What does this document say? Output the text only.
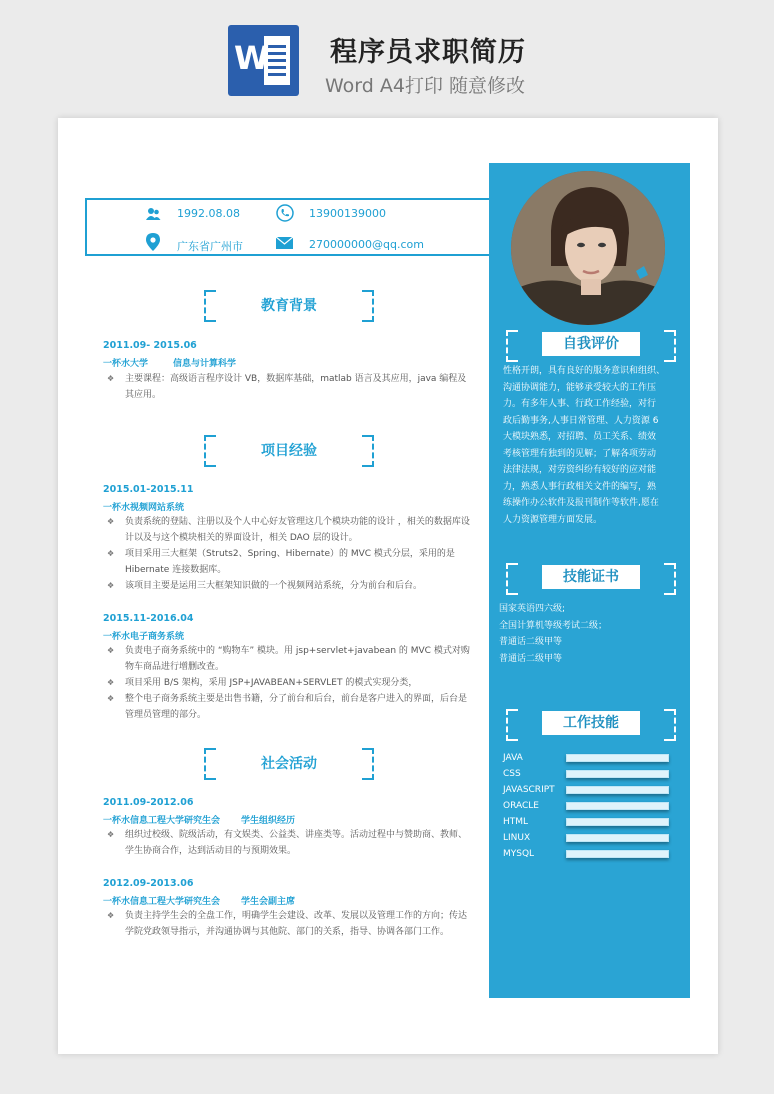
W 程序员求职简历
Word A4打印 随意修改
1992.08.08	13900139000
广东省广州市	270000000@qq.com
教育背景
2011.09- 2015.06
一杯水大学	信息与计算科学
❖ 主要课程：高级语言程序设计 VB，数据库基础，matlab 语言及其应用，java 编程及其应用。
项目经验
2015.01-2015.11
一杯水视频网站系统
❖ 负责系统的登陆、注册以及个人中心好友管理这几个模块功能的设计 ，相关的数据库设计以及与这个模块相关的界面设计，相关 DAO 层的设计。
❖ 项目采用三大框架（Struts2、Spring、Hibernate）的 MVC 模式分层，采用的是 Hibernate 连接数据库。
❖ 该项目主要是运用三大框架知识做的一个视频网站系统，分为前台和后台。
2015.11-2016.04
一杯水电子商务系统
❖ 负责电子商务系统中的 “购物车” 模块。用 jsp+servlet+javabean 的 MVC 模式对购物车商品进行增删改查。
❖ 项目采用 B/S 架构，采用 JSP+JAVABEAN+SERVLET 的模式实现分类，
❖ 整个电子商务系统主要是出售书籍，分了前台和后台，前台是客户进入的界面，后台是管理员管理的部分。
社会活动
2011.09-2012.06
一杯水信息工程大学研究生会 学生组织经历
❖ 组织过校级、院级活动，有文娱类、公益类、讲座类等。活动过程中与赞助商、教师、学生协商合作，达到活动目的与预期效果。
2012.09-2013.06
一杯水信息工程大学研究生会 学生会副主席
❖ 负责主持学生会的全盘工作，明确学生会建设、改革、发展以及管理工作的方向；传达学院党政领导指示，并沟通协调与其他院、部门的关系，指导、协调各部门工作。
自我评价
性格开朗，具有良好的服务意识和组织、
沟通协调能力，能够承受较大的工作压
力。有多年人事、行政工作经验，对行
政后勤事务,人事日常管理、人力资源 6
大模块熟悉，对招聘、员工关系、绩效
考核管理有独到的见解；了解各项劳动
法律法规，对劳资纠纷有较好的应对能
力，熟悉人事行政相关文件的编写，熟
练操作办公软件及报刊制作等软件,愿在
人力资源管理方面发展。
技能证书
国家英语四六级;
全国计算机等级考试二级；
普通话二级甲等
普通话二级甲等
工作技能
JAVA
CSS
JAVASCRIPT
ORACLE
HTML
LINUX
MYSQL
